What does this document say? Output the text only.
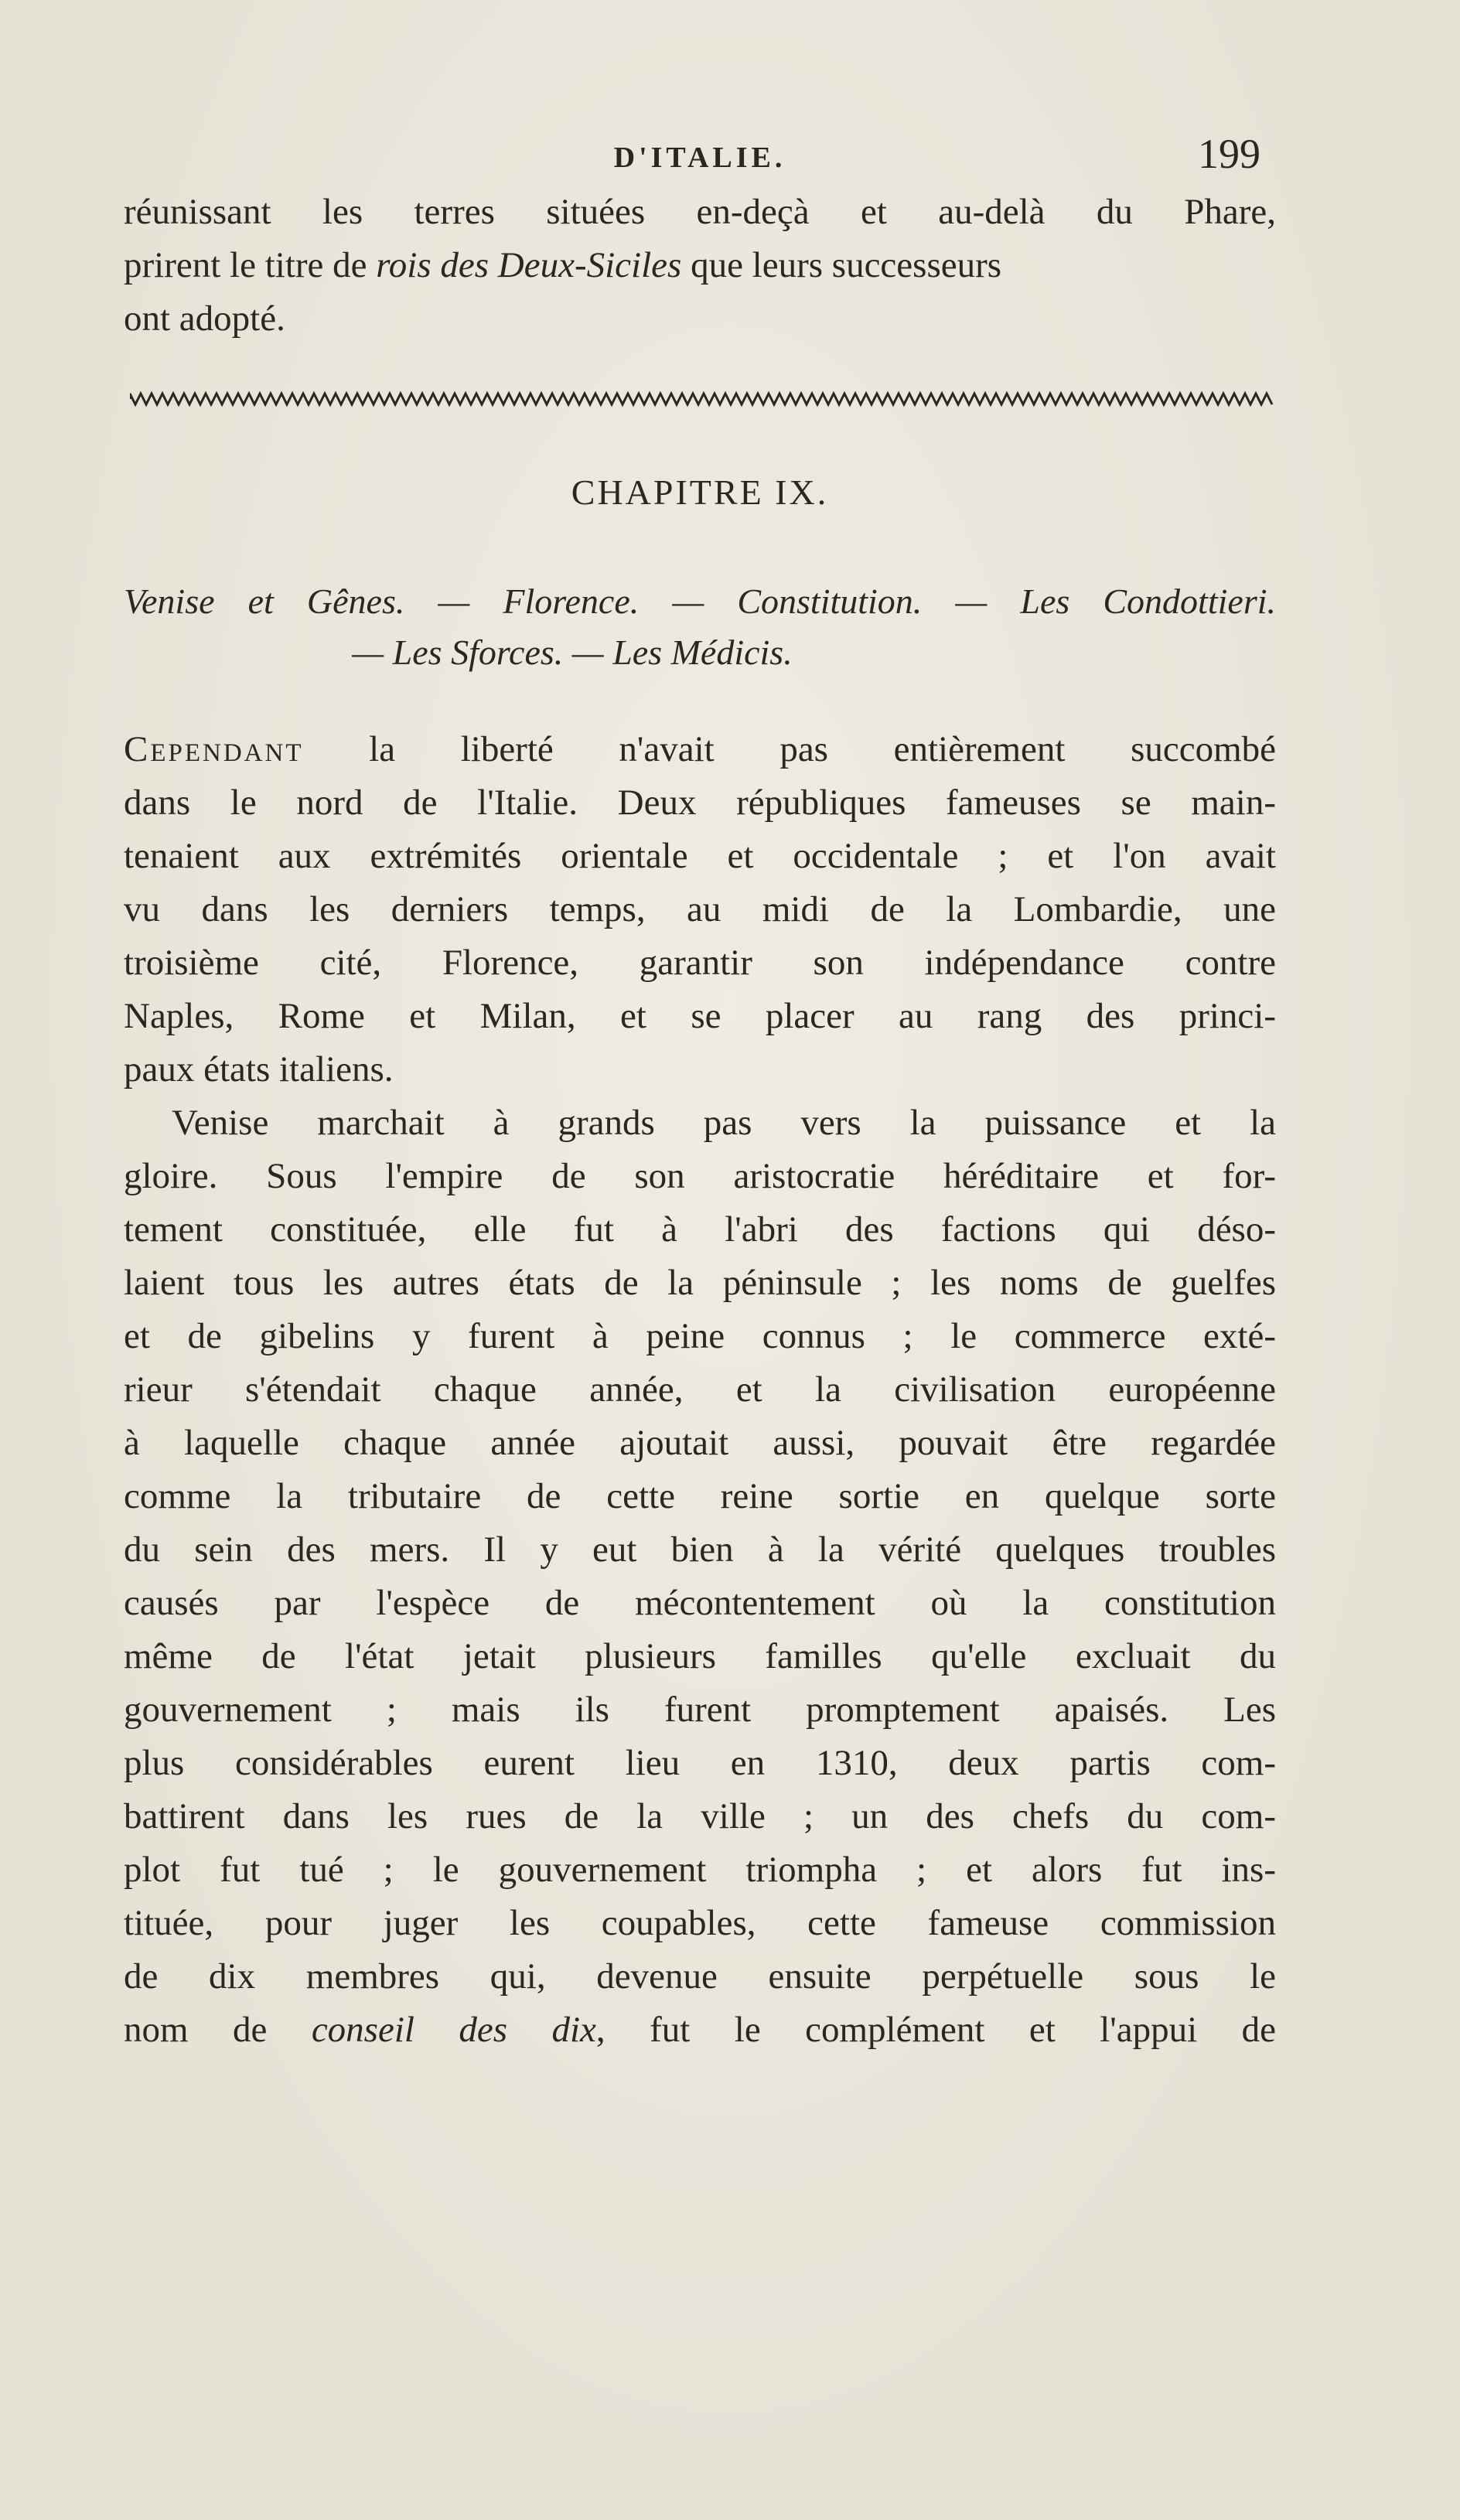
D'ITALIE.	199
réunissant les terres situées en-deçà et au-delà du Phare,
prirent le titre de rois des Deux-Siciles que leurs successeurs
ont adopté.
CHAPITRE IX.
Venise et Gênes. — Florence. — Constitution. — Les Condottieri.
— Les Sforces. — Les Médicis.
Cependant la liberté n'avait pas entièrement succombé
dans le nord de l'Italie. Deux républiques fameuses se main-
tenaient aux extrémités orientale et occidentale ; et l'on avait
vu dans les derniers temps, au midi de la Lombardie, une
troisième cité, Florence, garantir son indépendance contre
Naples, Rome et Milan, et se placer au rang des princi-
paux états italiens.
Venise marchait à grands pas vers la puissance et la
gloire. Sous l'empire de son aristocratie héréditaire et for-
tement constituée, elle fut à l'abri des factions qui déso-
laient tous les autres états de la péninsule ; les noms de guelfes
et de gibelins y furent à peine connus ; le commerce exté-
rieur s'étendait chaque année, et la civilisation européenne
à laquelle chaque année ajoutait aussi, pouvait être regardée
comme la tributaire de cette reine sortie en quelque sorte
du sein des mers. Il y eut bien à la vérité quelques troubles
causés par l'espèce de mécontentement où la constitution
même de l'état jetait plusieurs familles qu'elle excluait du
gouvernement ; mais ils furent promptement apaisés. Les
plus considérables eurent lieu en 1310, deux partis com-
battirent dans les rues de la ville ; un des chefs du com-
plot fut tué ; le gouvernement triompha ; et alors fut ins-
tituée, pour juger les coupables, cette fameuse commission
de dix membres qui, devenue ensuite perpétuelle sous le
nom de conseil des dix, fut le complément et l'appui de
